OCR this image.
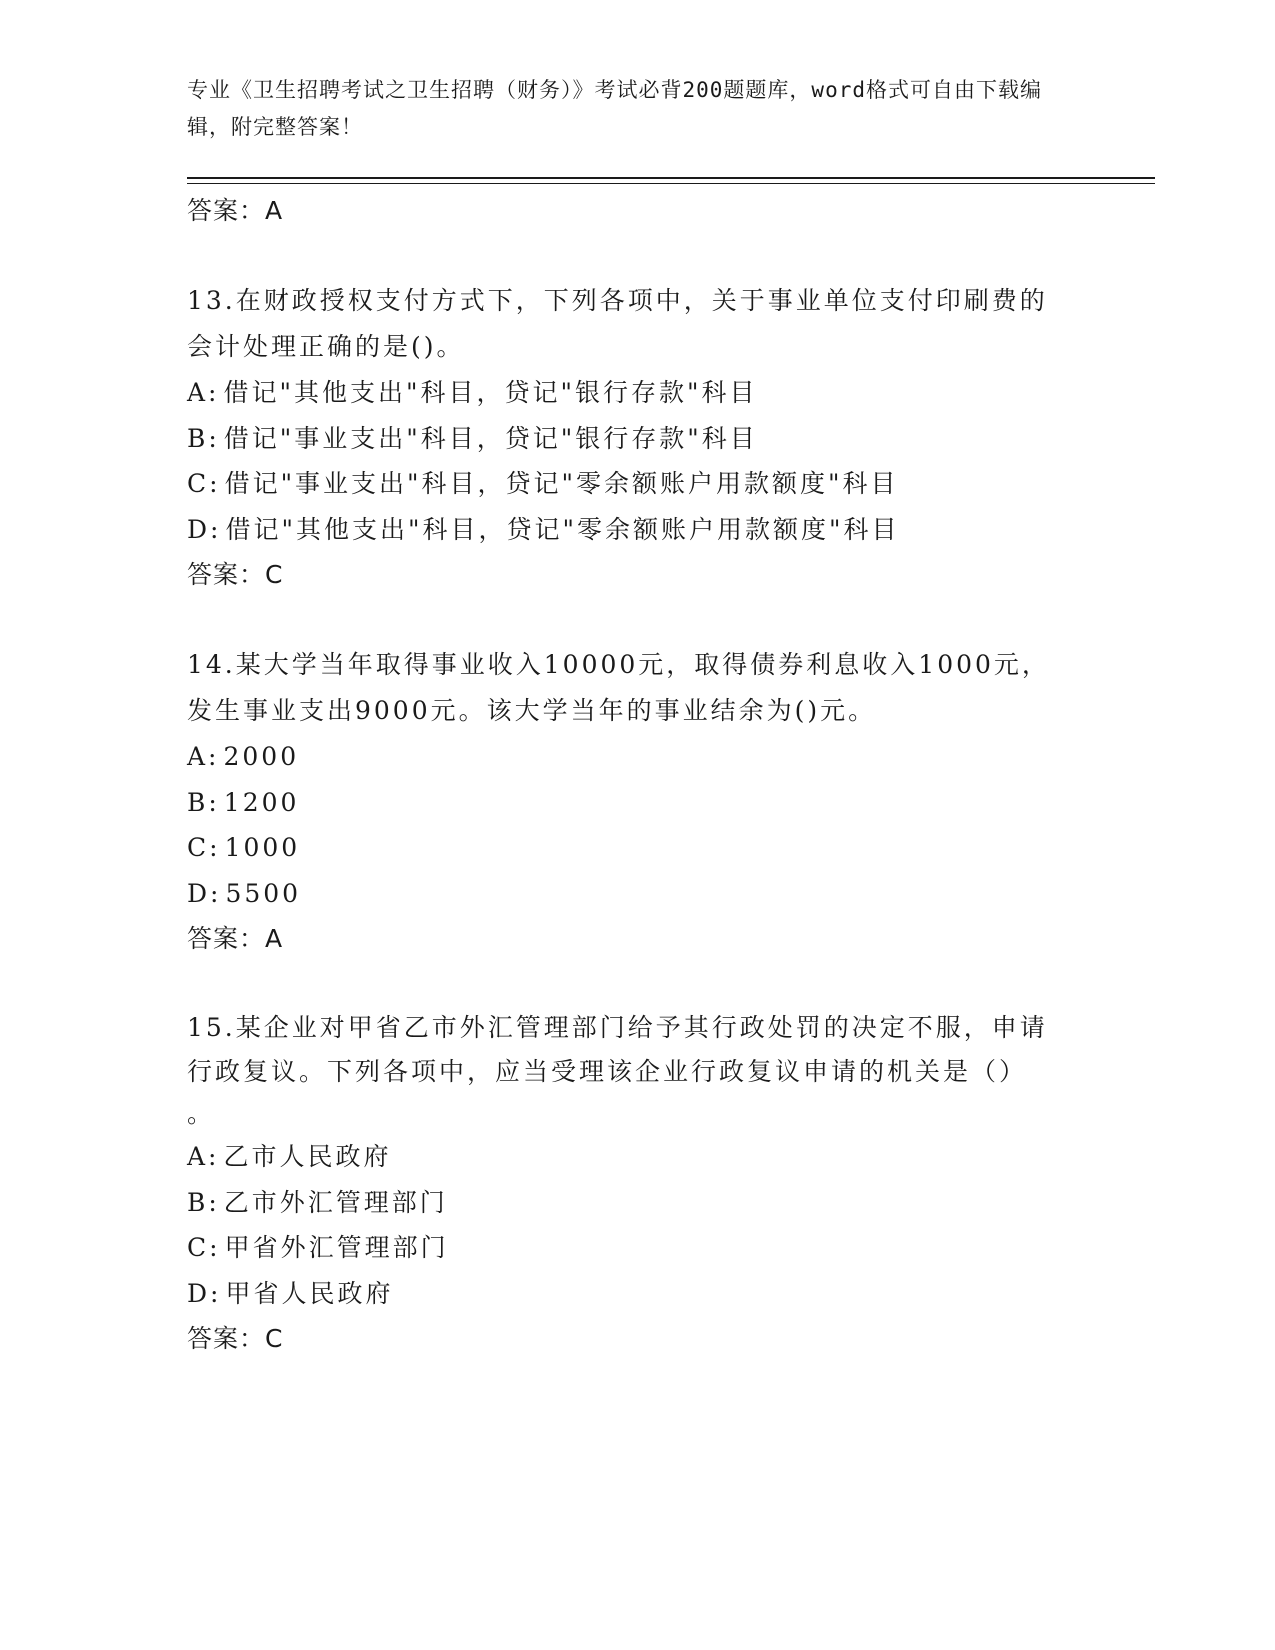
专业《卫生招聘考试之卫生招聘（财务）》考试必背200题题库，word格式可自由下载编辑，附完整答案！
答案：A
13.在财政授权支付方式下，下列各项中，关于事业单位支付印刷费的会计处理正确的是()。
A: 借记"其他支出"科目，贷记"银行存款"科目
B: 借记"事业支出"科目，贷记"银行存款"科目
C: 借记"事业支出"科目，贷记"零余额账户用款额度"科目
D: 借记"其他支出"科目，贷记"零余额账户用款额度"科目
答案：C
14.某大学当年取得事业收入10000元，取得债券利息收入1000元，发生事业支出9000元。该大学当年的事业结余为()元。
A: 2000
B: 1200
C: 1000
D: 5500
答案：A
15.某企业对甲省乙市外汇管理部门给予其行政处罚的决定不服，申请行政复议。下列各项中，应当受理该企业行政复议申请的机关是（）
。
A: 乙市人民政府
B: 乙市外汇管理部门
C: 甲省外汇管理部门
D: 甲省人民政府
答案：C
